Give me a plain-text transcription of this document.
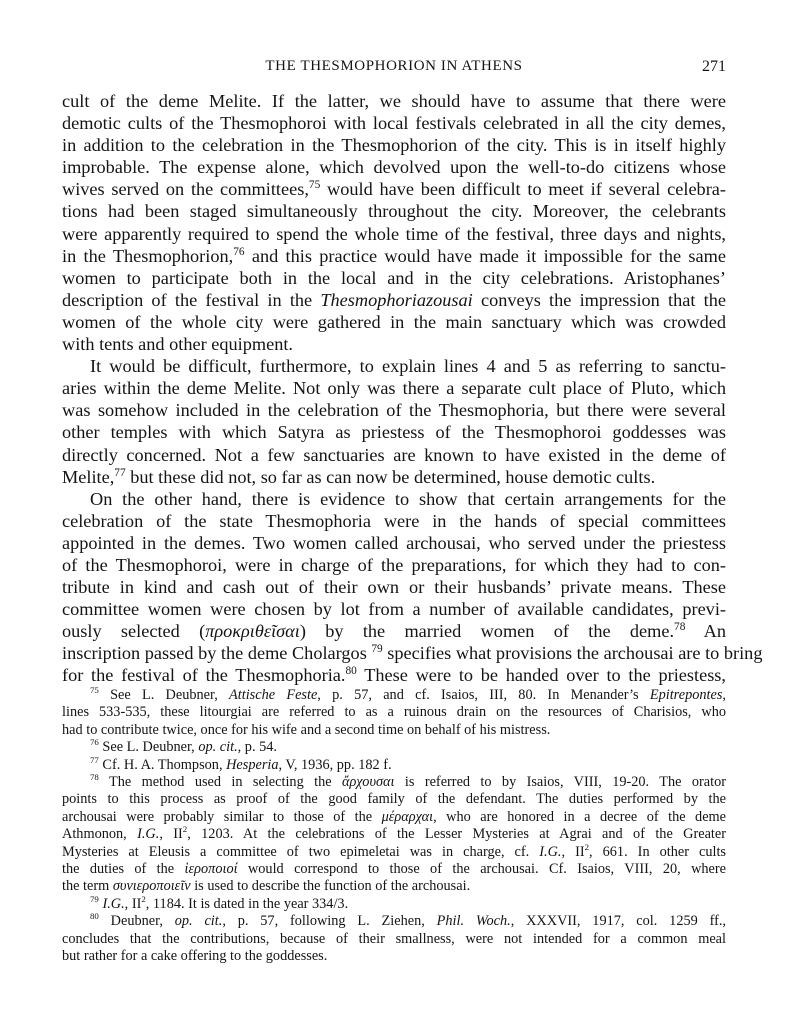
THE THESMOPHORION IN ATHENS	271
cult of the deme Melite. If the latter, we should have to assume that there were
demotic cults of the Thesmophoroi with local festivals celebrated in all the city demes,
in addition to the celebration in the Thesmophorion of the city. This is in itself highly
improbable. The expense alone, which devolved upon the well-to-do citizens whose
wives served on the committees,$^{75}$ would have been difficult to meet if several celebra-
tions had been staged simultaneously throughout the city. Moreover, the celebrants
were apparently required to spend the whole time of the festival, three days and nights,
in the Thesmophorion,$^{76}$ and this practice would have made it impossible for the same
women to participate both in the local and in the city celebrations. Aristophanes’
description of the festival in the Thesmophoriazousai conveys the impression that the
women of the whole city were gathered in the main sanctuary which was crowded
with tents and other equipment.
It would be difficult, furthermore, to explain lines 4 and 5 as referring to sanctu-
aries within the deme Melite. Not only was there a separate cult place of Pluto, which
was somehow included in the celebration of the Thesmophoria, but there were several
other temples with which Satyra as priestess of the Thesmophoroi goddesses was
directly concerned. Not a few sanctuaries are known to have existed in the deme of
Melite,$^{77}$ but these did not, so far as can now be determined, house demotic cults.
On the other hand, there is evidence to show that certain arrangements for the
celebration of the state Thesmophoria were in the hands of special committees
appointed in the demes. Two women called archousai, who served under the priestess
of the Thesmophoroi, were in charge of the preparations, for which they had to con-
tribute in kind and cash out of their own or their husbands’ private means. These
committee women were chosen by lot from a number of available candidates, previ-
ously selected (προκριθεῖσαι) by the married women of the deme.$^{78}$ An
inscription passed by the deme Cholargos $^{79}$ specifies what provisions the archousai are to bring
for the festival of the Thesmophoria.$^{80}$ These were to be handed over to the priestess,
$^{75}$ See L. Deubner, Attische Feste, p. 57, and cf. Isaios, III, 80. In Menander’s Epitrepontes,
lines 533-535, these litourgiai are referred to as a ruinous drain on the resources of Charisios, who
had to contribute twice, once for his wife and a second time on behalf of his mistress.
$^{76}$ See L. Deubner, op. cit., p. 54.
$^{77}$ Cf. H. A. Thompson, Hesperia, V, 1936, pp. 182 f.
$^{78}$ The method used in selecting the ἄρχουσαι is referred to by Isaios, VIII, 19-20. The orator
points to this process as proof of the good family of the defendant. The duties performed by the
archousai were probably similar to those of the μέραρχαι, who are honored in a decree of the deme
Athmonon, I.G., $II^2$, 1203. At the celebrations of the Lesser Mysteries at Agrai and of the Greater
Mysteries at Eleusis a committee of two epimeletai was in charge, cf. I.G., $II^2$, 661. In other cults
the duties of the ἱεροποιοί would correspond to those of the archousai. Cf. Isaios, VIII, 20, where
the term συνιεροποιεῖν is used to describe the function of the archousai.
$^{79}$ I.G., $II^2$, 1184. It is dated in the year 334/3.
$^{80}$ Deubner, op. cit., p. 57, following L. Ziehen, Phil. Woch., XXXVII, 1917, col. 1259 ff.,
concludes that the contributions, because of their smallness, were not intended for a common meal
but rather for a cake offering to the goddesses.
